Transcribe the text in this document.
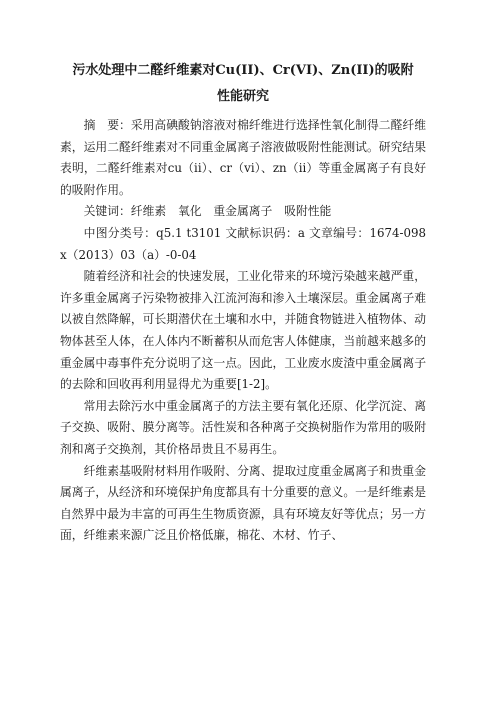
污水处理中二醛纤维素对Cu(II)、Cr(VI)、Zn(II)的吸附
性能研究

摘　要：采用高碘酸钠溶液对棉纤维进行选择性氧化制得二醛纤维素，运用二醛纤维素对不同重金属离子溶液做吸附性能测试。研究结果表明，二醛纤维素对cu（ii）、cr（vi）、zn（ii）等重金属离子有良好的吸附作用。

关键词：纤维素　氧化　重金属离子　吸附性能

中图分类号：q5.1 t3101 文献标识码：a 文章编号：1674-098x（2013）03（a）-0-04

随着经济和社会的快速发展，工业化带来的环境污染越来越严重，许多重金属离子污染物被排入江流河海和渗入土壤深层。重金属离子难以被自然降解，可长期潜伏在土壤和水中，并随食物链进入植物体、动物体甚至人体，在人体内不断蓄积从而危害人体健康，当前越来越多的重金属中毒事件充分说明了这一点。因此，工业废水废渣中重金属离子的去除和回收再利用显得尤为重要[1-2]。

常用去除污水中重金属离子的方法主要有氧化还原、化学沉淀、离子交换、吸附、膜分离等。活性炭和各种离子交换树脂作为常用的吸附剂和离子交换剂，其价格昂贵且不易再生。

纤维素基吸附材料用作吸附、分离、提取过度重金属离子和贵重金属离子，从经济和环境保护角度都具有十分重要的意义。一是纤维素是自然界中最为丰富的可再生生物质资源，具有环境友好等优点；另一方面，纤维素来源广泛且价格低廉，棉花、木材、竹子、
